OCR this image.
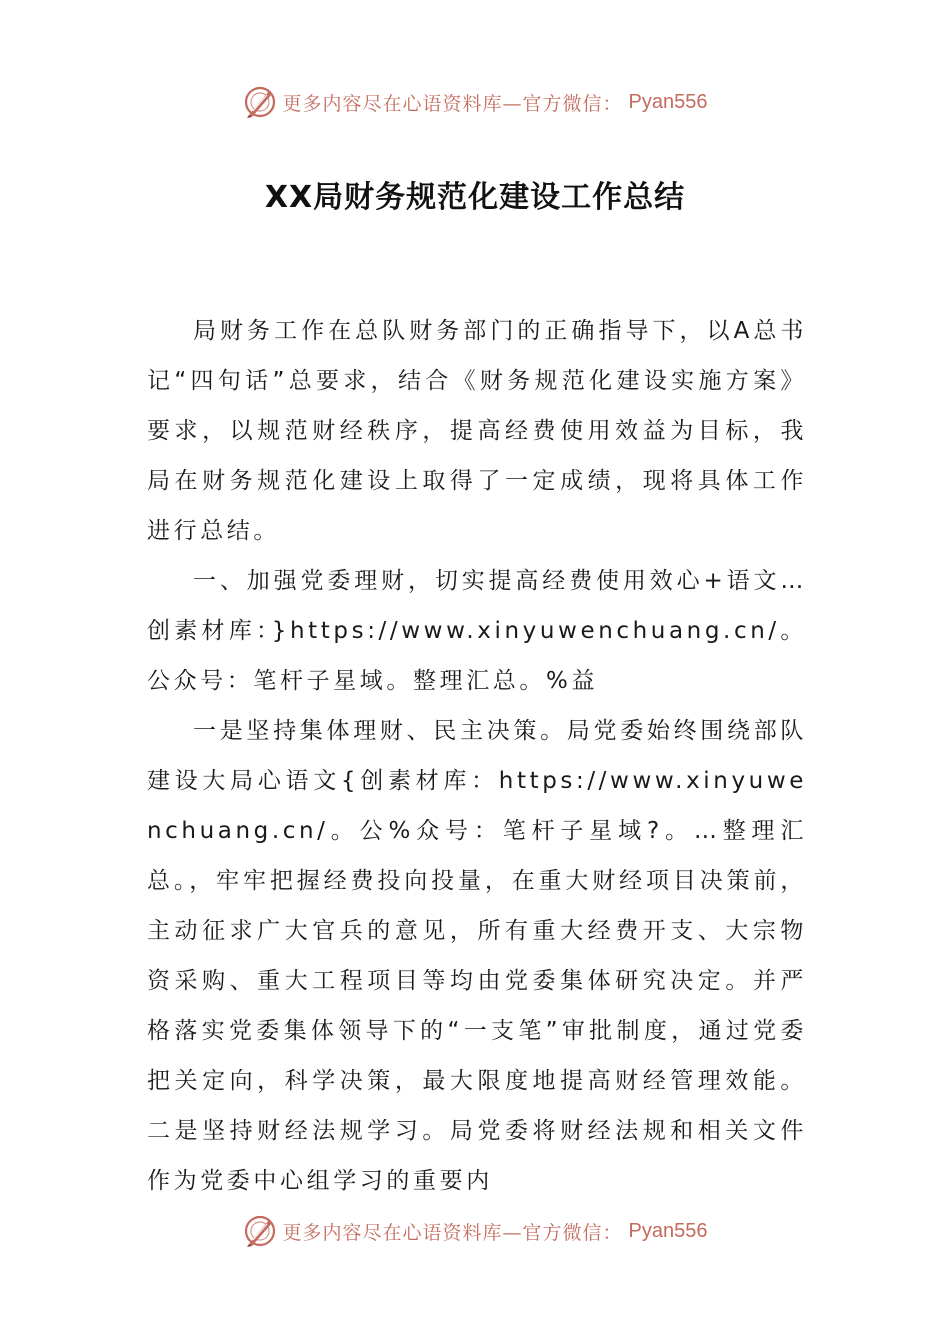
更多内容尽在心语资料库—官方微信： Pyan556
XX局财务规范化建设工作总结

局财务工作在总队财务部门的正确指导下，以A总书记“四句话”总要求，结合《财务规范化建设实施方案》要求，以规范财经秩序，提高经费使用效益为目标，我局在财务规范化建设上取得了一定成绩，现将具体工作进行总结。

一、加强党委理财，切实提高经费使用效心+语文…创素材库：}https://www.xinyuwenchuang.cn/。公众号：笔杆子星域。整理汇总。%益

一是坚持集体理财、民主决策。局党委始终围绕部队建设大局心语文{创素材库：https://www.xinyuwenchuang.cn/。公%众号：笔杆子星域?。…整理汇总。，牢牢把握经费投向投量，在重大财经项目决策前，主动征求广大官兵的意见，所有重大经费开支、大宗物资采购、重大工程项目等均由党委集体研究决定。并严格落实党委集体领导下的“一支笔”审批制度，通过党委把关定向，科学决策，最大限度地提高财经管理效能。二是坚持财经法规学习。局党委将财经法规和相关文件作为党委中心组学习的重要内

更多内容尽在心语资料库—官方微信： Pyan556
